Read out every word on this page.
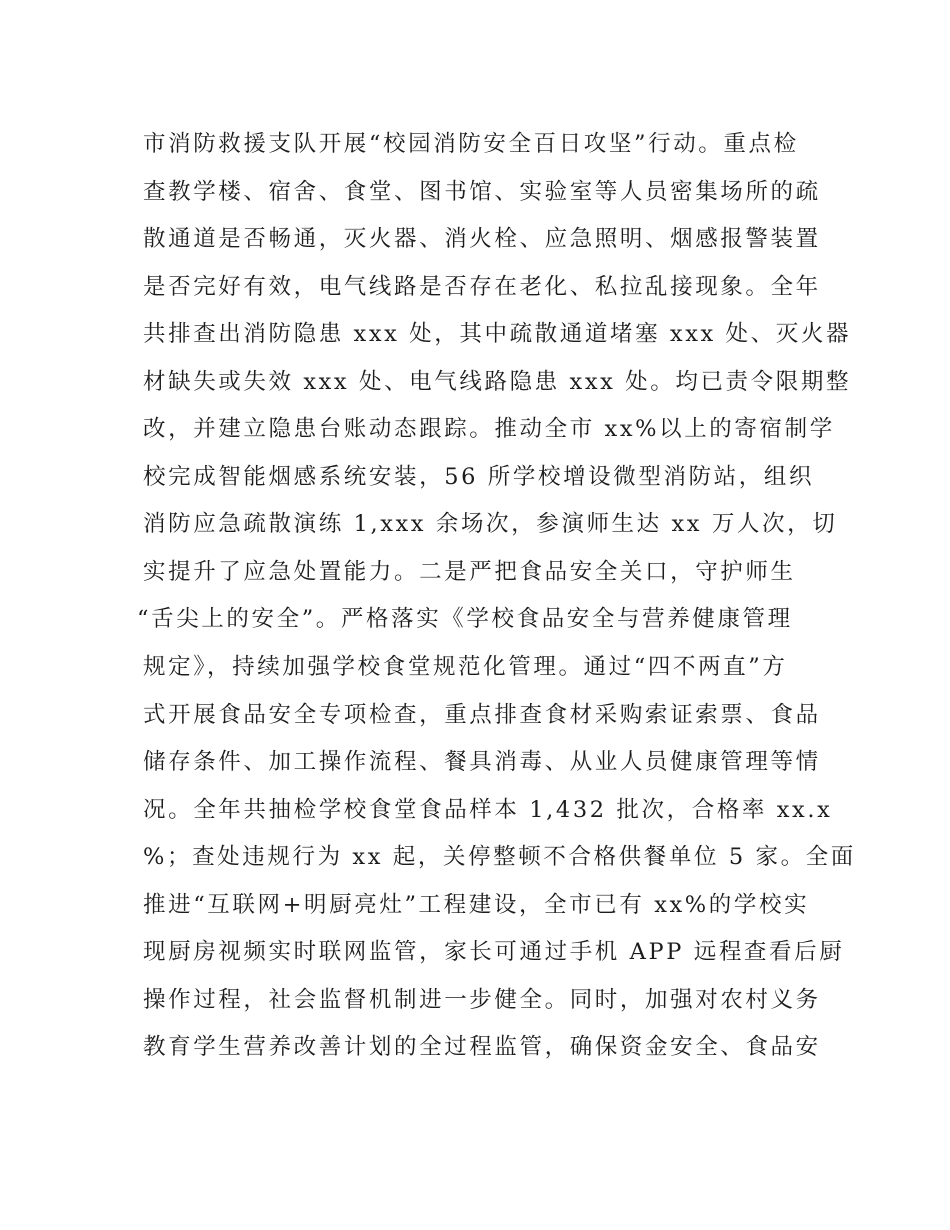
市消防救援支队开展“校园消防安全百日攻坚”行动。重点检
查教学楼、宿舍、食堂、图书馆、实验室等人员密集场所的疏
散通道是否畅通，灭火器、消火栓、应急照明、烟感报警装置
是否完好有效，电气线路是否存在老化、私拉乱接现象。全年
共排查出消防隐患 xxx 处，其中疏散通道堵塞 xxx 处、灭火器
材缺失或失效 xxx 处、电气线路隐患 xxx 处。均已责令限期整
改，并建立隐患台账动态跟踪。推动全市 xx%以上的寄宿制学
校完成智能烟感系统安装，56 所学校增设微型消防站，组织
消防应急疏散演练 1,xxx 余场次，参演师生达 xx 万人次，切
实提升了应急处置能力。二是严把食品安全关口，守护师生
“舌尖上的安全”。严格落实《学校食品安全与营养健康管理
规定》，持续加强学校食堂规范化管理。通过“四不两直”方
式开展食品安全专项检查，重点排查食材采购索证索票、食品
储存条件、加工操作流程、餐具消毒、从业人员健康管理等情
况。全年共抽检学校食堂食品样本 1,432 批次，合格率 xx.x
%；查处违规行为 xx 起，关停整顿不合格供餐单位 5 家。全面
推进“互联网+明厨亮灶”工程建设，全市已有 xx%的学校实
现厨房视频实时联网监管，家长可通过手机 APP 远程查看后厨
操作过程，社会监督机制进一步健全。同时，加强对农村义务
教育学生营养改善计划的全过程监管，确保资金安全、食品安
